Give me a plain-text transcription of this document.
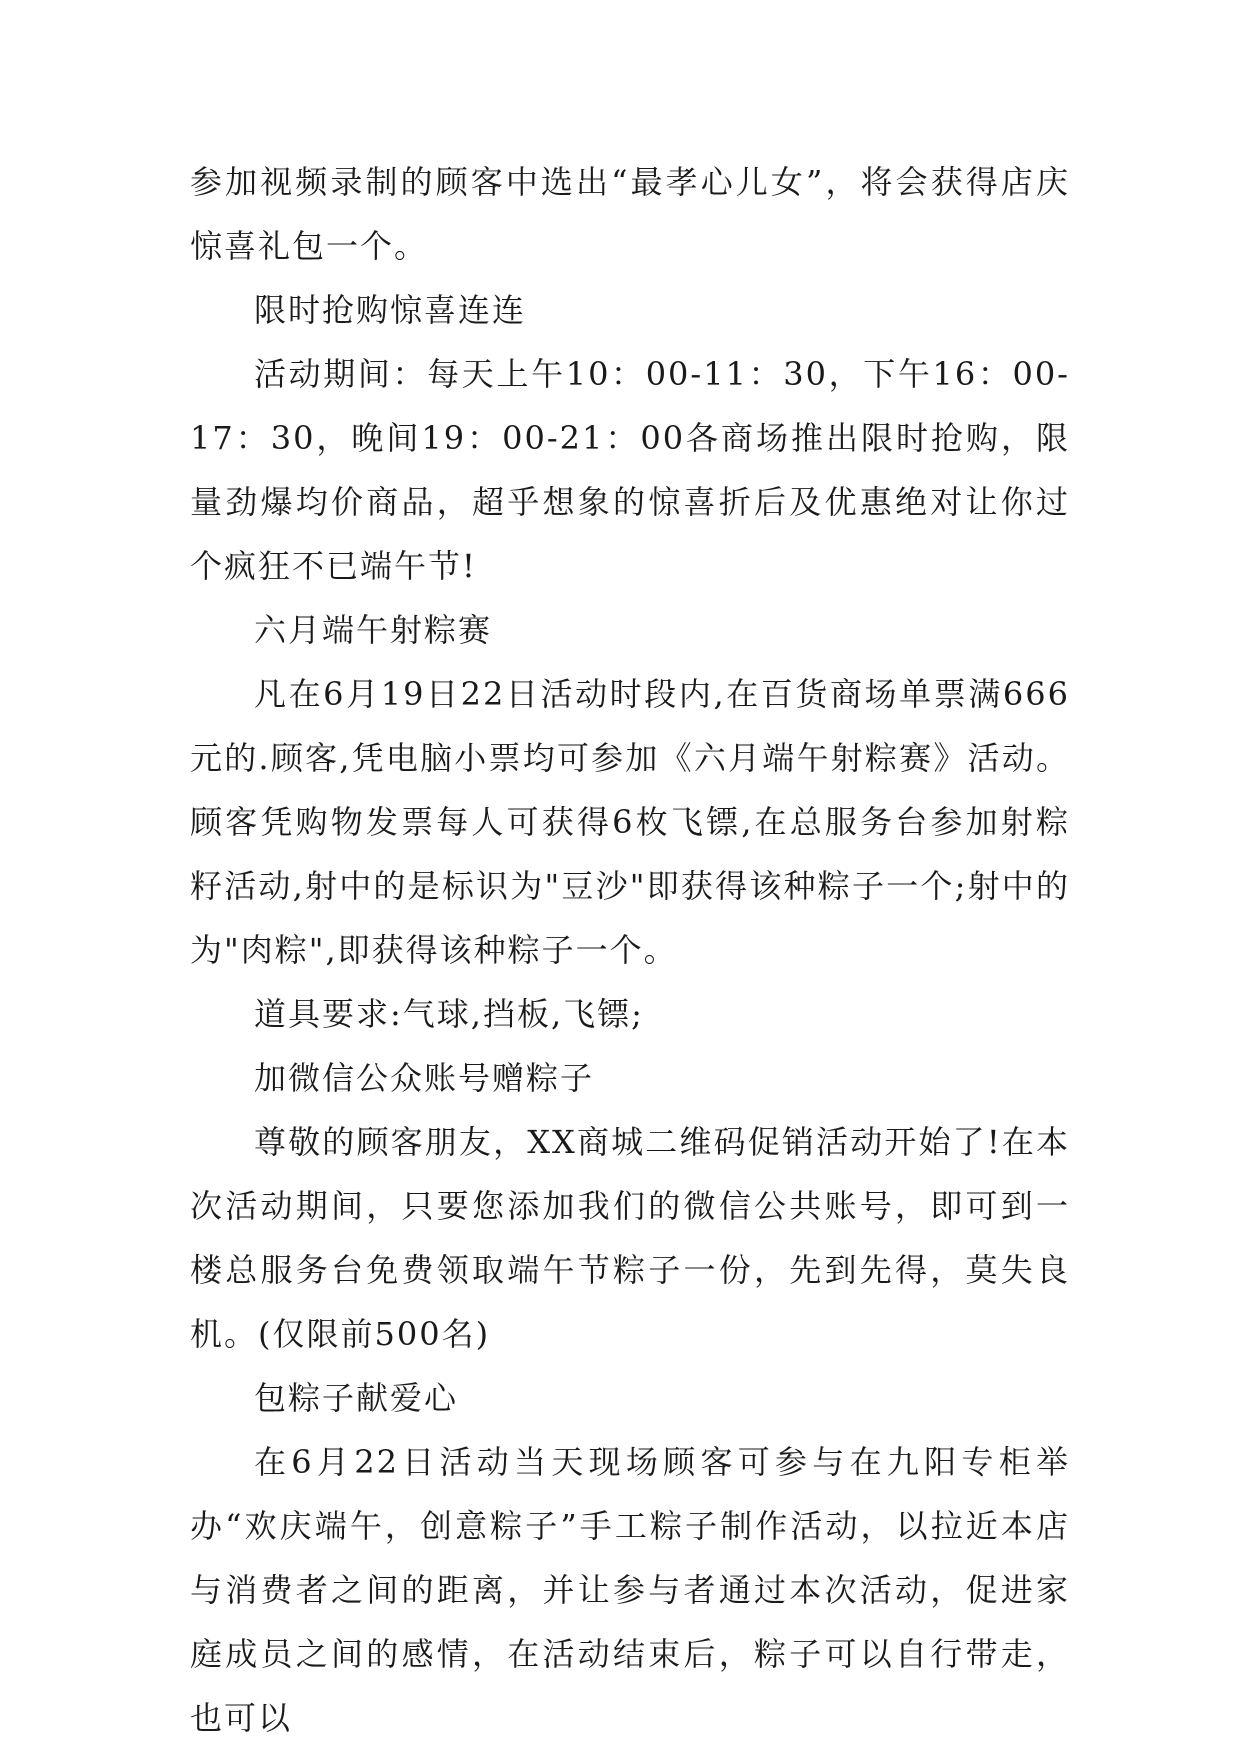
参加视频录制的顾客中选出“最孝心儿女”，将会获得店庆惊喜礼包一个。

限时抢购惊喜连连

活动期间：每天上午10：00-11：30，下午16：00-17：30，晚间19：00-21：00各商场推出限时抢购，限量劲爆均价商品，超乎想象的惊喜折后及优惠绝对让你过个疯狂不已端午节!

六月端午射粽赛

凡在6月19日22日活动时段内,在百货商场单票满666元的.顾客,凭电脑小票均可参加《六月端午射粽赛》活动。顾客凭购物发票每人可获得6枚飞镖,在总服务台参加射粽籽活动,射中的是标识为"豆沙"即获得该种粽子一个;射中的为"肉粽",即获得该种粽子一个。

道具要求:气球,挡板,飞镖;

加微信公众账号赠粽子

尊敬的顾客朋友，XX商城二维码促销活动开始了!在本次活动期间，只要您添加我们的微信公共账号，即可到一楼总服务台免费领取端午节粽子一份，先到先得，莫失良机。(仅限前500名)

包粽子献爱心

在6月22日活动当天现场顾客可参与在九阳专柜举办“欢庆端午，创意粽子”手工粽子制作活动，以拉近本店与消费者之间的距离，并让参与者通过本次活动，促进家庭成员之间的感情，在活动结束后，粽子可以自行带走，也可以
